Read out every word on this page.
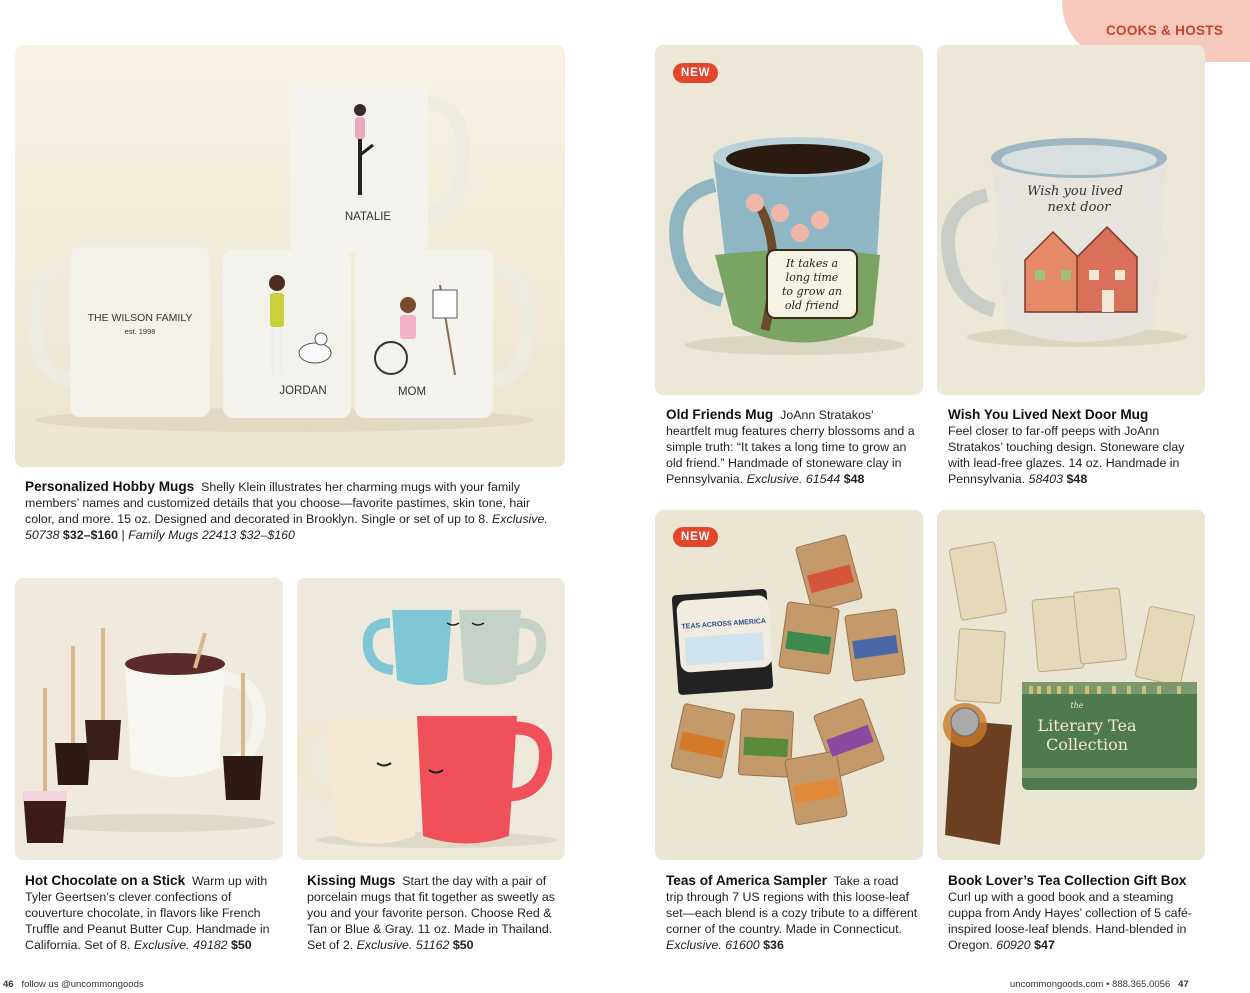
COOKS & HOSTS
THE WILSON FAMILY
est. 1998
NATALIE
JORDAN	MOM
It takes a
long time
to grow an
old friend
NEW
Wish you lived
next door
TEAS ACROSS AMERICA
NEW
the
Literary Tea
Collection
Personalized Hobby Mugs Shelly Klein illustrates her charming mugs with your family members’ names and customized details that you choose—favorite pastimes, skin tone, hair color, and more. 15 oz. Designed and decorated in Brooklyn. Single or set of up to 8. Exclusive. 50738 $32–$160 | Family Mugs 22413 $32–$160
Old Friends Mug JoAnn Stratakos’ heartfelt mug features cherry blossoms and a simple truth: “It takes a long time to grow an old friend.” Handmade of stoneware clay in Pennsylvania. Exclusive. 61544 $48
Wish You Lived Next Door Mug
Feel closer to far-off peeps with JoAnn Stratakos’ touching design. Stoneware clay with lead-free glazes. 14 oz. Handmade in Pennsylvania. 58403 $48
Hot Chocolate on a Stick Warm up with Tyler Geertsen’s clever confections of couverture chocolate, in flavors like French Truffle and Peanut Butter Cup. Handmade in California. Set of 8. Exclusive. 49182 $50
Kissing Mugs Start the day with a pair of porcelain mugs that fit together as sweetly as you and your favorite person. Choose Red & Tan or Blue & Gray. 11 oz. Made in Thailand. Set of 2. Exclusive. 51162 $50
Teas of America Sampler Take a road trip through 7 US regions with this loose-leaf set—each blend is a cozy tribute to a different corner of the country. Made in Connecticut. Exclusive. 61600 $36
Book Lover’s Tea Collection Gift Box
Curl up with a good book and a steaming cuppa from Andy Hayes’ collection of 5 café-inspired loose-leaf blends. Hand-blended in Oregon. 60920 $47
46 follow us @uncommongoods	uncommongoods.com • 888.365.0056 47
